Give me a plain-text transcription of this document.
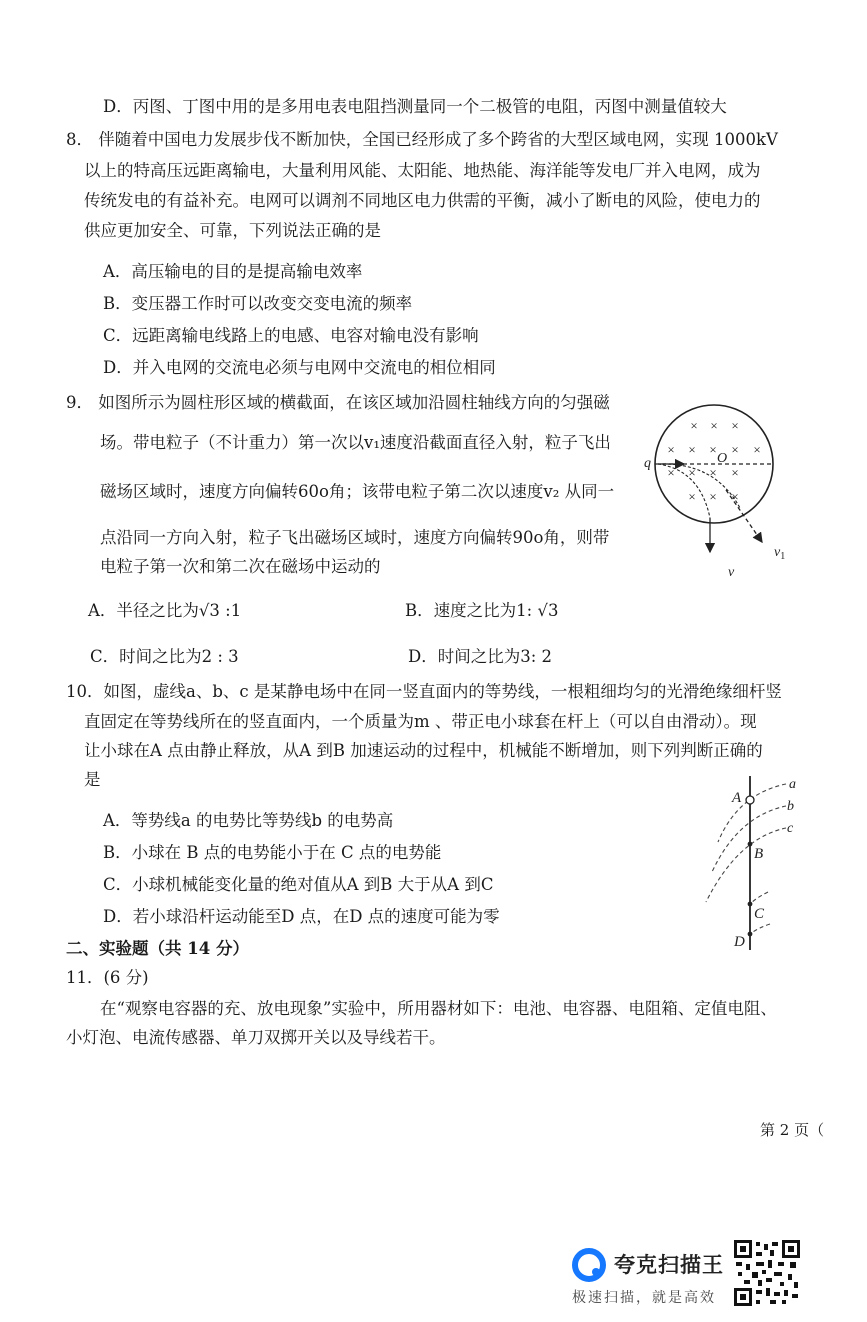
D．丙图、丁图中用的是多用电表电阻挡测量同一个二极管的电阻，丙图中测量值较大
8． 伴随着中国电力发展步伐不断加快，全国已经形成了多个跨省的大型区域电网，实现 1000kV
以上的特高压远距离输电，大量利用风能、太阳能、地热能、海洋能等发电厂并入电网，成为
传统发电的有益补充。电网可以调剂不同地区电力供需的平衡，减小了断电的风险，使电力的
供应更加安全、可靠，下列说法正确的是
A．高压输电的目的是提高输电效率
B．变压器工作时可以改变交变电流的频率
C．远距离输电线路上的电感、电容对输电没有影响
D．并入电网的交流电必须与电网中交流电的相位相同
9． 如图所示为圆柱形区域的横截面，在该区域加沿圆柱轴线方向的匀强磁
场。带电粒子（不计重力）第一次以v₁速度沿截面直径入射，粒子飞出
磁场区域时，速度方向偏转60o角；该带电粒子第二次以速度v₂ 从同一
点沿同一方向入射，粒子飞出磁场区域时，速度方向偏转90o角，则带
电粒子第一次和第二次在磁场中运动的
A．半径之比为√3 :1	B．速度之比为1: √3
C．时间之比为2 : 3	D．时间之比为3: 2
× × ×
× × × × ×
× × × ×
× × ×
q	O
$v_1$
v
10．如图，虚线a、b、c 是某静电场中在同一竖直面内的等势线，一根粗细均匀的光滑绝缘细杆竖
直固定在等势线所在的竖直面内，一个质量为m 、带正电小球套在杆上（可以自由滑动）。现
让小球在A 点由静止释放，从A 到B 加速运动的过程中，机械能不断增加，则下列判断正确的
是
A．等势线a 的电势比等势线b 的电势高
B．小球在 B 点的电势能小于在 C 点的电势能
C．小球机械能变化量的绝对值从A 到B 大于从A 到C
D．若小球沿杆运动能至D 点，在D 点的速度可能为零
A
B
C
D
a
b
c
二、实验题（共 14 分）
11．(6 分)
在“观察电容器的充、放电现象”实验中，所用器材如下：电池、电容器、电阻箱、定值电阻、
小灯泡、电流传感器、单刀双掷开关以及导线若干。
第 2 页（
夸克扫描王
极速扫描，就是高效
